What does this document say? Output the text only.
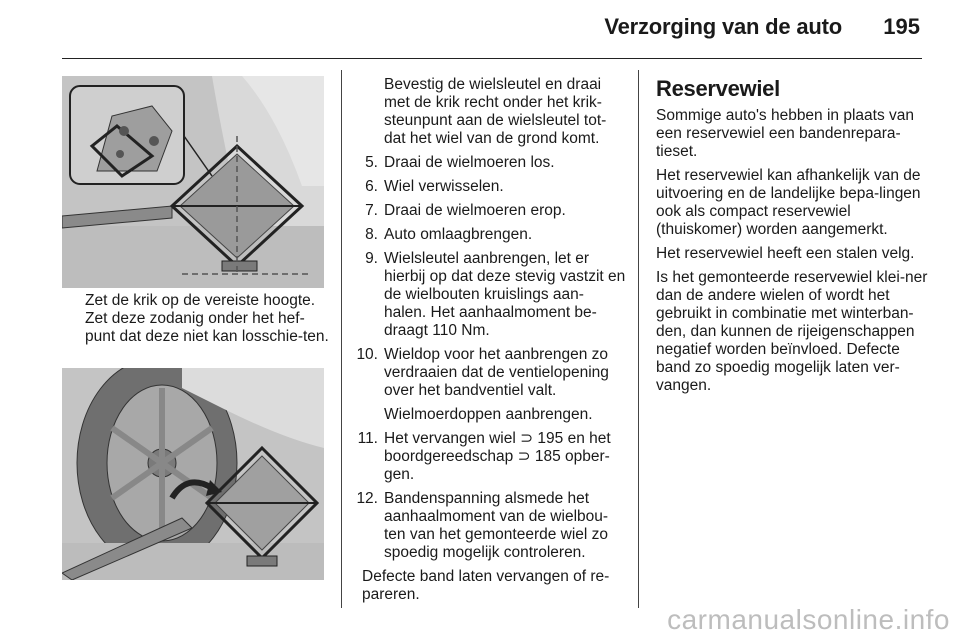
Verzorging van de auto 195
Zet de krik op de vereiste hoogte. Zet deze zodanig onder het hef-punt dat deze niet kan losschie-ten.
Bevestig de wielsleutel en draai met de krik recht onder het krik-steunpunt aan de wielsleutel tot-dat het wiel van de grond komt.
5. Draai de wielmoeren los.
6. Wiel verwisselen.
7. Draai de wielmoeren erop.
8. Auto omlaagbrengen.
9. Wielsleutel aanbrengen, let er hierbij op dat deze stevig vastzit en de wielbouten kruislings aan-halen. Het aanhaalmoment be-draagt 110 Nm.
10. Wieldop voor het aanbrengen zo verdraaien dat de ventielopening over het bandventiel valt.
Wielmoerdoppen aanbrengen.
11. Het vervangen wiel ⊃ 195 en het boordgereedschap ⊃ 185 opber-gen.
12. Bandenspanning alsmede het aanhaalmoment van de wielbou-ten van het gemonteerde wiel zo spoedig mogelijk controleren.
Defecte band laten vervangen of re-pareren.
Reservewiel

Sommige auto's hebben in plaats van een reservewiel een bandenrepara-tieset.

Het reservewiel kan afhankelijk van de uitvoering en de landelijke bepa-lingen ook als compact reservewiel (thuiskomer) worden aangemerkt.

Het reservewiel heeft een stalen velg.

Is het gemonteerde reservewiel klei-ner dan de andere wielen of wordt het gebruikt in combinatie met winterban-den, dan kunnen de rijeigenschappen negatief worden beïnvloed. Defecte band zo spoedig mogelijk laten ver-vangen.

carmanualsonline.info
